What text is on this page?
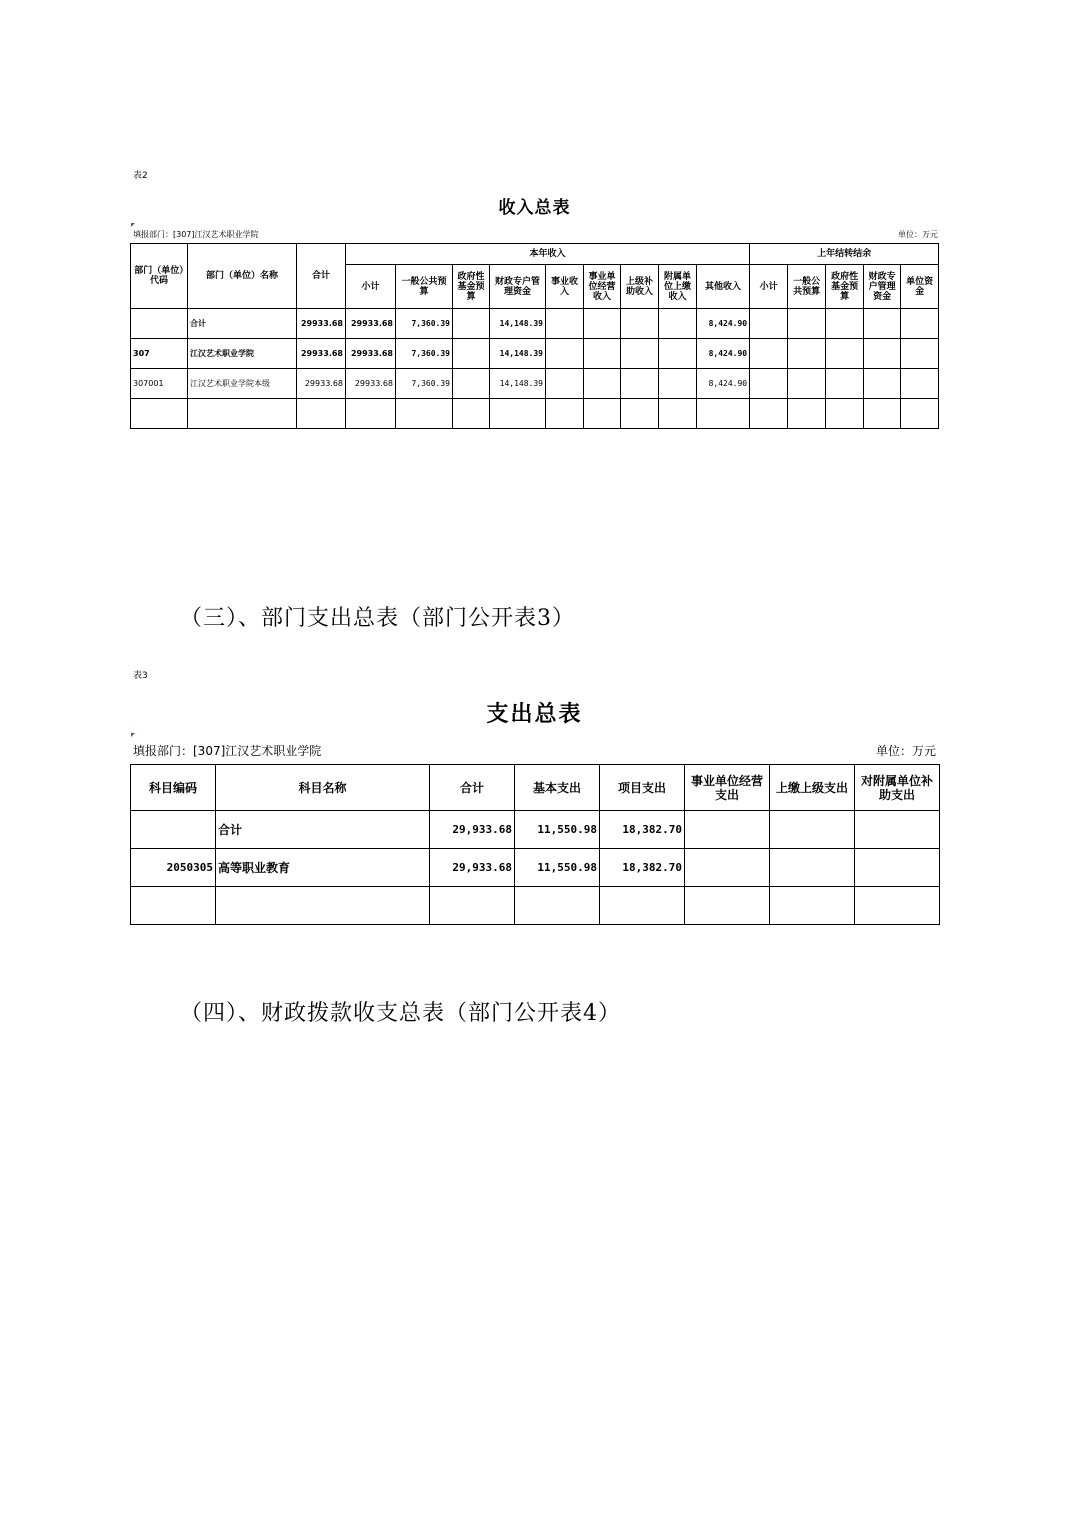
表2
收入总表
填报部门：[307]江汉艺术职业学院	单位：万元
部门（单位）代码	部门（单位）名称	合计	本年收入									上年结转结余				
			小计	一般公共预算	政府性基金预算	财政专户管理资金	事业收入	事业单位经营收入	上级补助收入	附属单位上缴收入	其他收入	小计	一般公共预算	政府性基金预算	财政专户管理资金	单位资金
	合计	29933.68	29933.68	7,360.39		14,148.39					8,424.90					
307	江汉艺术职业学院	29933.68	29933.68	7,360.39		14,148.39					8,424.90					
307001	江汉艺术职业学院本级	29933.68	29933.68	7,360.39		14,148.39					8,424.90					

（三）、部门支出总表（部门公开表3）
表3
支出总表
填报部门：[307]江汉艺术职业学院	单位：万元
科目编码	科目名称	合计	基本支出	项目支出	事业单位经营支出	上缴上级支出	对附属单位补助支出
	合计	29,933.68	11,550.98	18,382.70			
2050305	高等职业教育	29,933.68	11,550.98	18,382.70			

（四）、财政拨款收支总表（部门公开表4）
